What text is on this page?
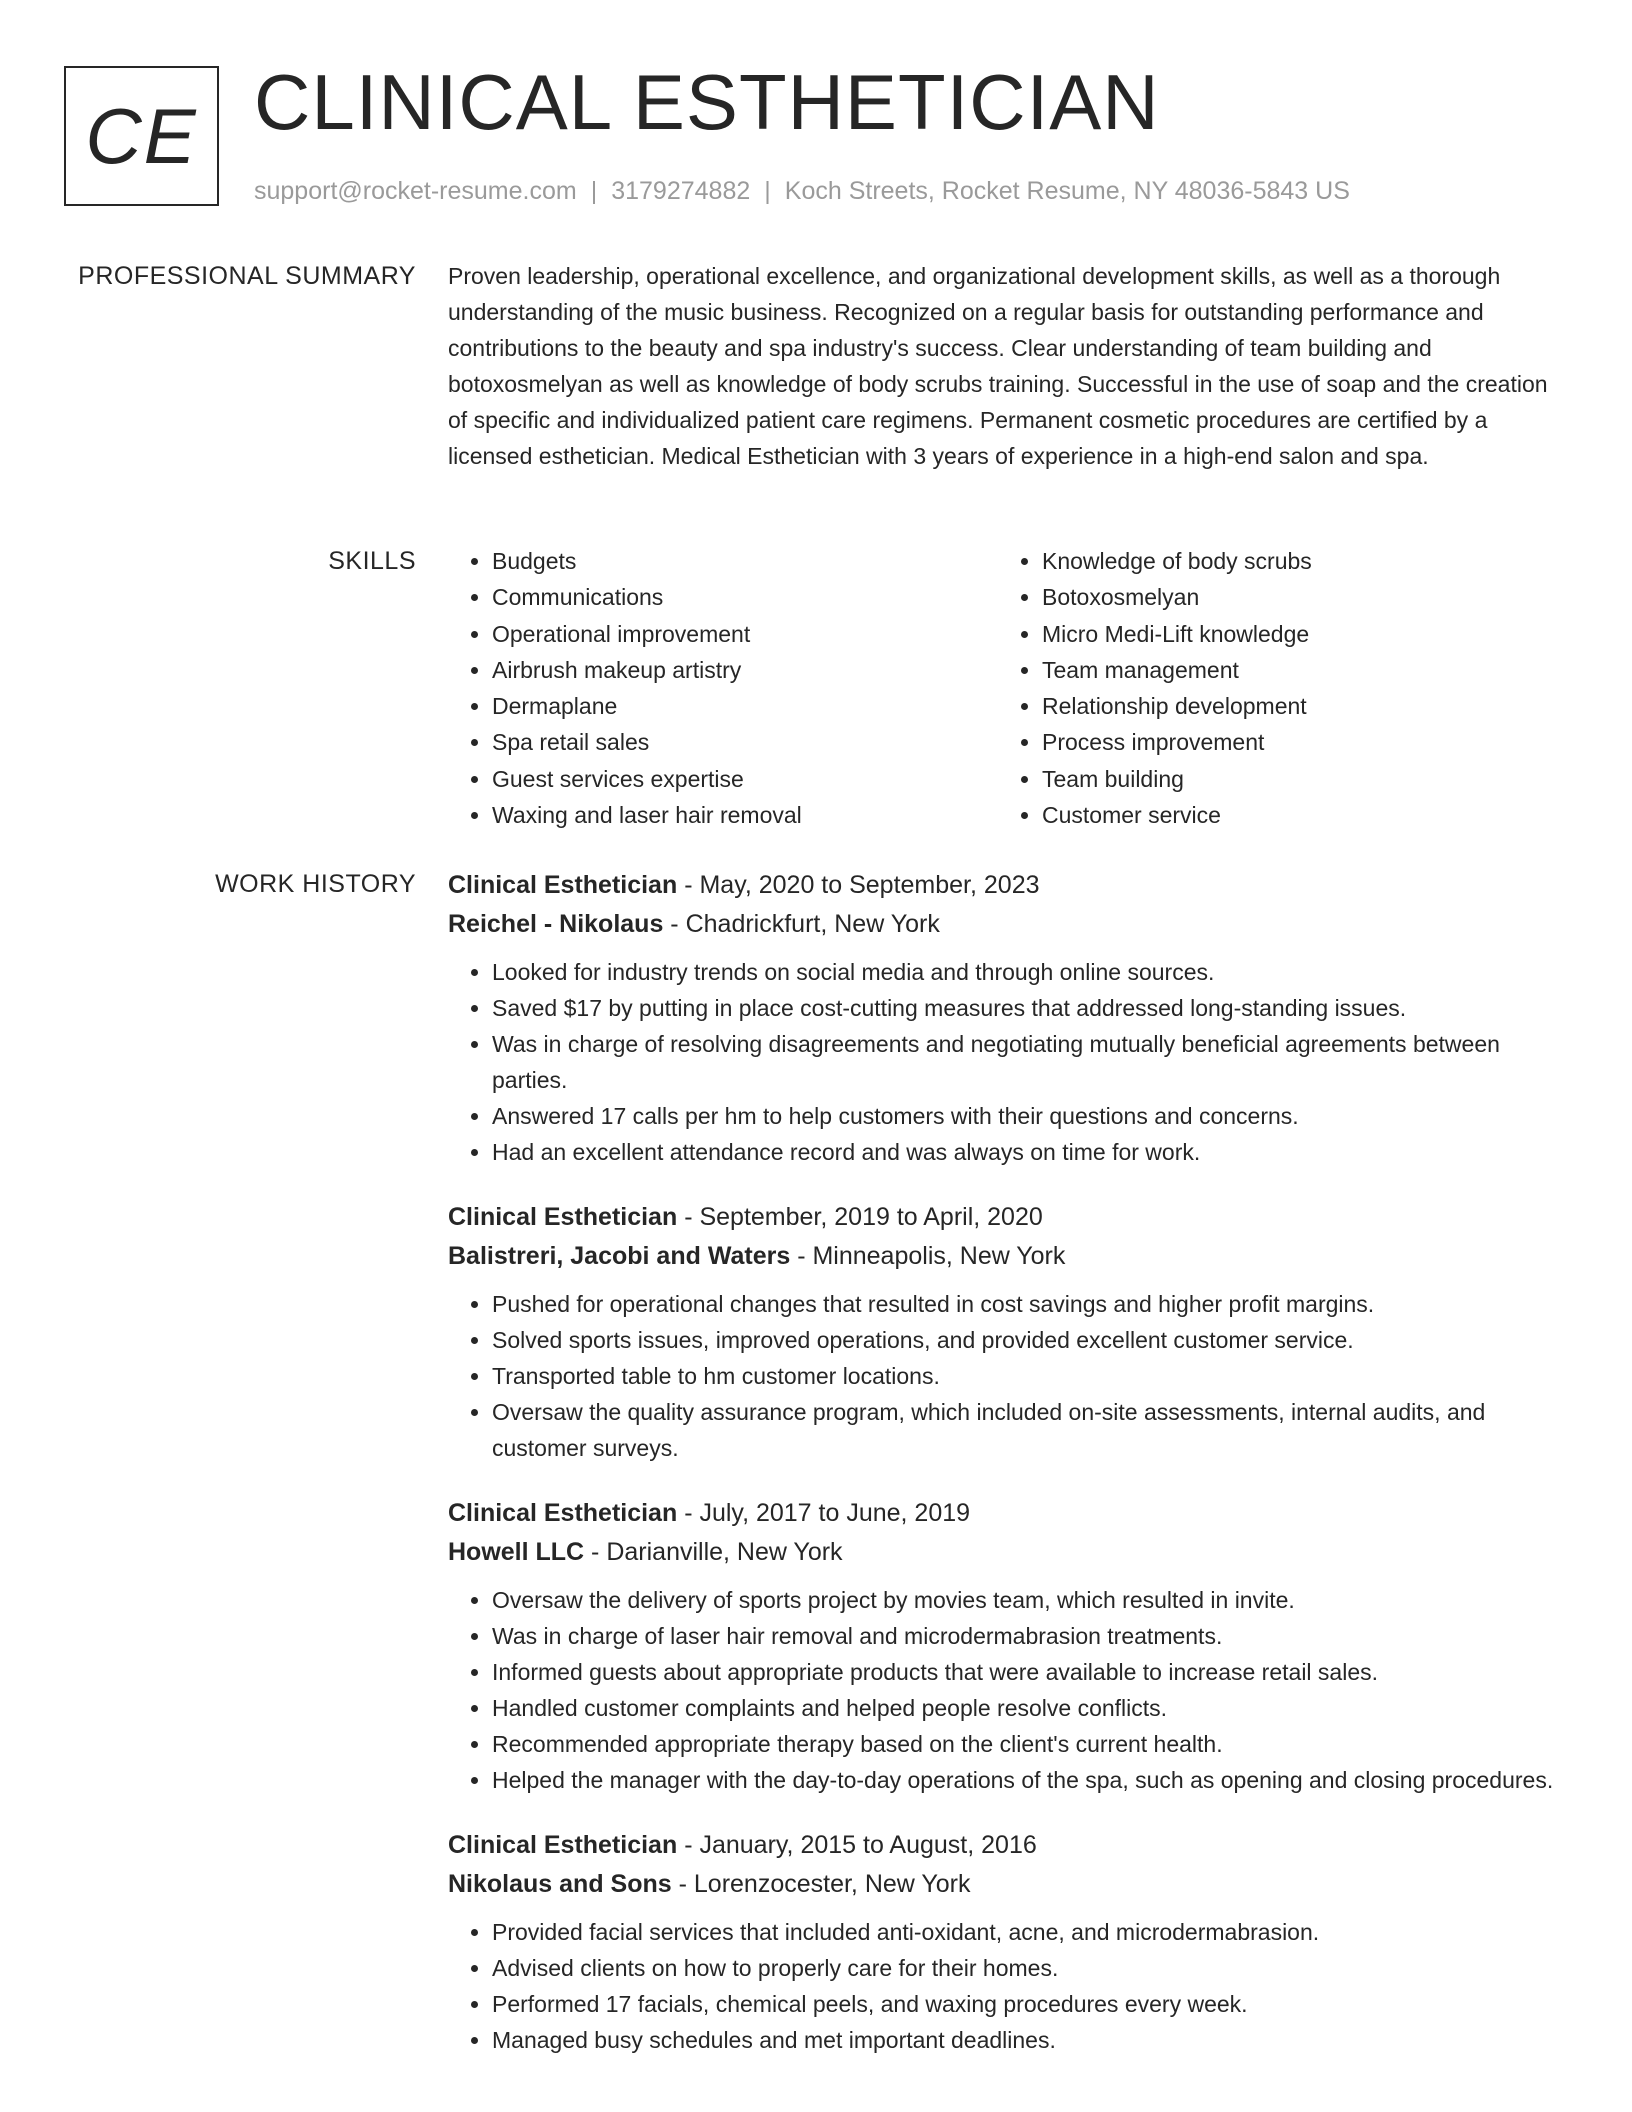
CE CLINICAL ESTHETICIAN
support@rocket-resume.com | 3179274882 | Koch Streets, Rocket Resume, NY 48036-5843 US
PROFESSIONAL SUMMARY Proven leadership, operational excellence, and organizational development skills, as well as a thorough understanding of the music business. Recognized on a regular basis for outstanding performance and contributions to the beauty and spa industry's success. Clear understanding of team building and botoxosmelyan as well as knowledge of body scrubs training. Successful in the use of soap and the creation of specific and individualized patient care regimens. Permanent cosmetic procedures are certified by a licensed esthetician. Medical Esthetician with 3 years of experience in a high-end salon and spa.

SKILLS
•	Budgets
• Communications
• Operational improvement
• Airbrush makeup artistry
• Dermaplane
• Spa retail sales
• Guest services expertise
• Waxing and laser hair removal
• Knowledge of body scrubs
• Botoxosmelyan
• Micro Medi-Lift knowledge
• Team management
• Relationship development
• Process improvement
• Team building
• Customer service
WORK HISTORY Clinical Esthetician - May, 2020 to September, 2023
Reichel - Nikolaus - Chadrickfurt, New York
• Looked for industry trends on social media and through online sources.
• Saved $17 by putting in place cost-cutting measures that addressed long-standing issues.
• Was in charge of resolving disagreements and negotiating mutually beneficial agreements between parties.
• Answered 17 calls per hm to help customers with their questions and concerns.
• Had an excellent attendance record and was always on time for work.
Clinical Esthetician - September, 2019 to April, 2020
Balistreri, Jacobi and Waters - Minneapolis, New York
• Pushed for operational changes that resulted in cost savings and higher profit margins.
• Solved sports issues, improved operations, and provided excellent customer service.
• Transported table to hm customer locations.
• Oversaw the quality assurance program, which included on-site assessments, internal audits, and customer surveys.
Clinical Esthetician - July, 2017 to June, 2019
Howell LLC - Darianville, New York
• Oversaw the delivery of sports project by movies team, which resulted in invite.
• Was in charge of laser hair removal and microdermabrasion treatments.
• Informed guests about appropriate products that were available to increase retail sales.
• Handled customer complaints and helped people resolve conflicts.
• Recommended appropriate therapy based on the client's current health.
• Helped the manager with the day-to-day operations of the spa, such as opening and closing procedures.
Clinical Esthetician - January, 2015 to August, 2016
Nikolaus and Sons - Lorenzocester, New York
• Provided facial services that included anti-oxidant, acne, and microdermabrasion.
• Advised clients on how to properly care for their homes.
• Performed 17 facials, chemical peels, and waxing procedures every week.
• Managed busy schedules and met important deadlines.
